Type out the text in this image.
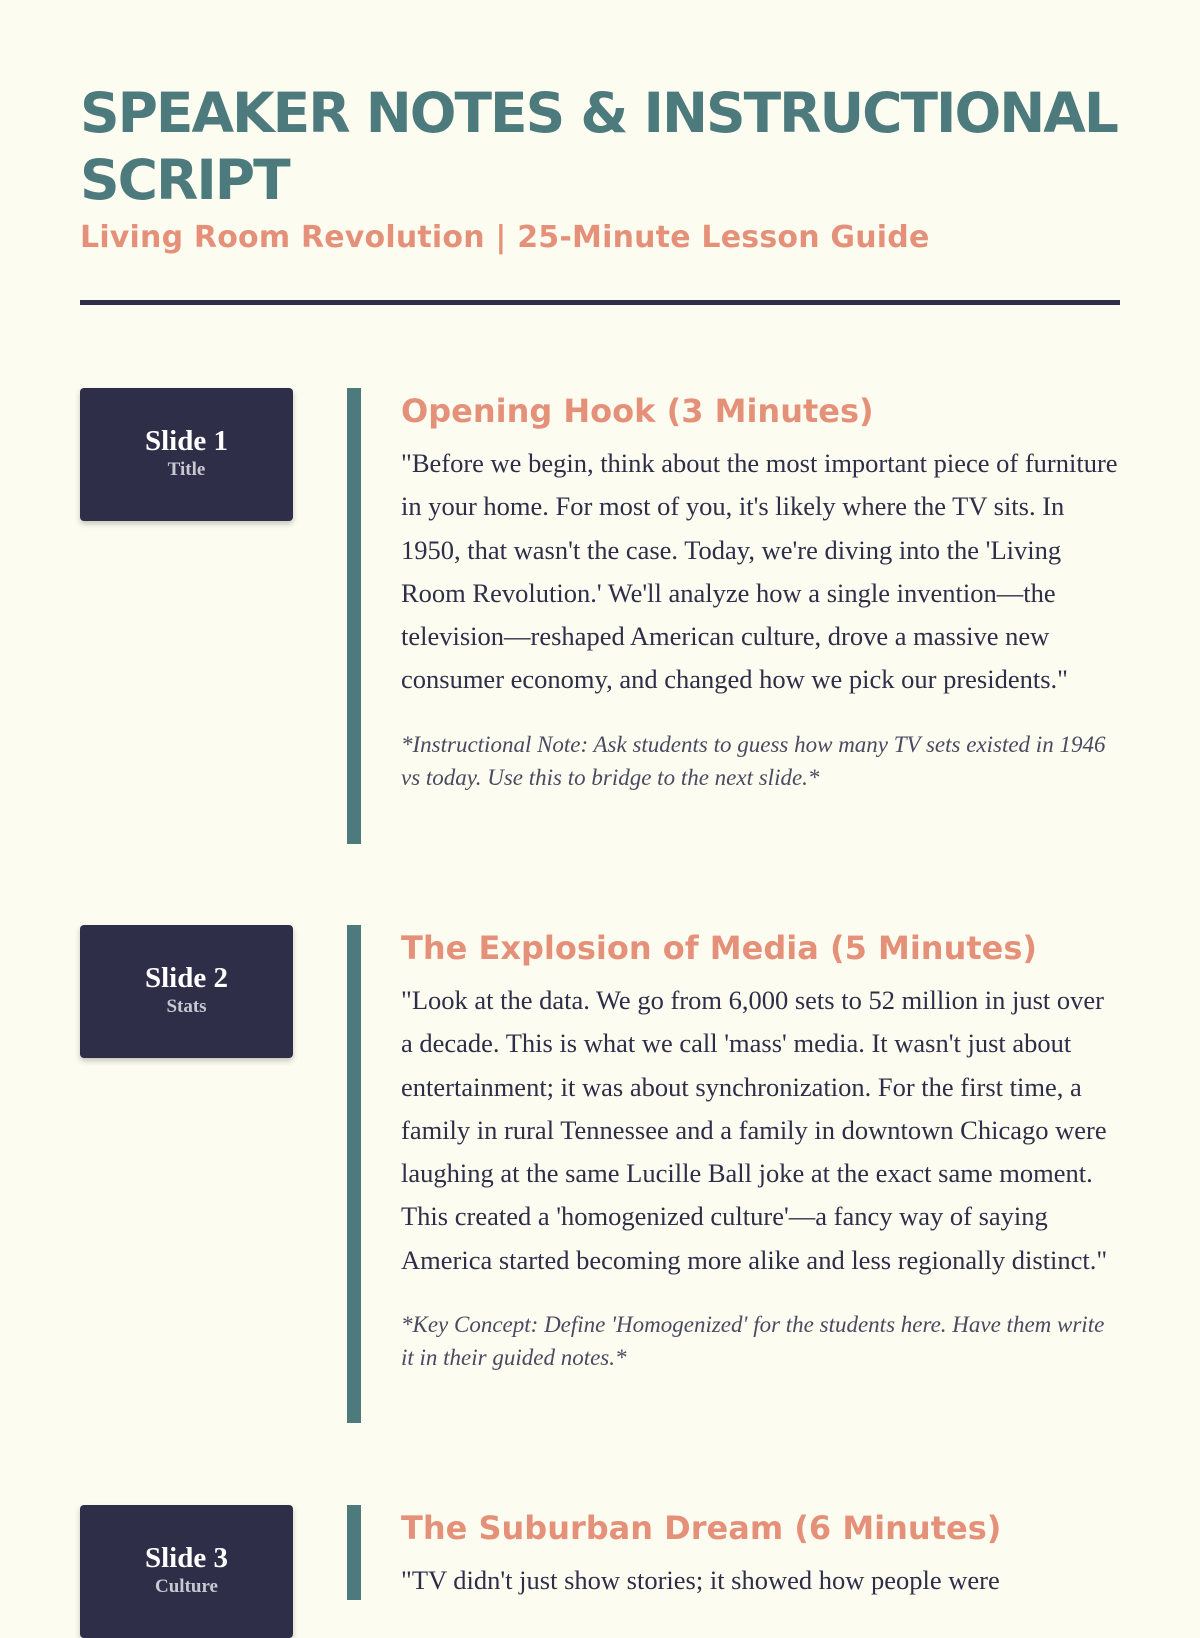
SPEAKER NOTES & INSTRUCTIONAL SCRIPT
Living Room Revolution | 25-Minute Lesson Guide
Slide 1
Title
Opening Hook (3 Minutes)

"Before we begin, think about the most important piece of furniture in your home. For most of you, it's likely where the TV sits. In 1950, that wasn't the case. Today, we're diving into the 'Living Room Revolution.' We'll analyze how a single invention—the television—reshaped American culture, drove a massive new consumer economy, and changed how we pick our presidents."

*Instructional Note: Ask students to guess how many TV sets existed in 1946 vs today. Use this to bridge to the next slide.*

Slide 2
Stats
The Explosion of Media (5 Minutes)

"Look at the data. We go from 6,000 sets to 52 million in just over a decade. This is what we call 'mass' media. It wasn't just about entertainment; it was about synchronization. For the first time, a family in rural Tennessee and a family in downtown Chicago were laughing at the same Lucille Ball joke at the exact same moment. This created a 'homogenized culture'—a fancy way of saying America started becoming more alike and less regionally distinct."

*Key Concept: Define 'Homogenized' for the students here. Have them write it in their guided notes.*

Slide 3
Culture
The Suburban Dream (6 Minutes)

"TV didn't just show stories; it showed how people were
